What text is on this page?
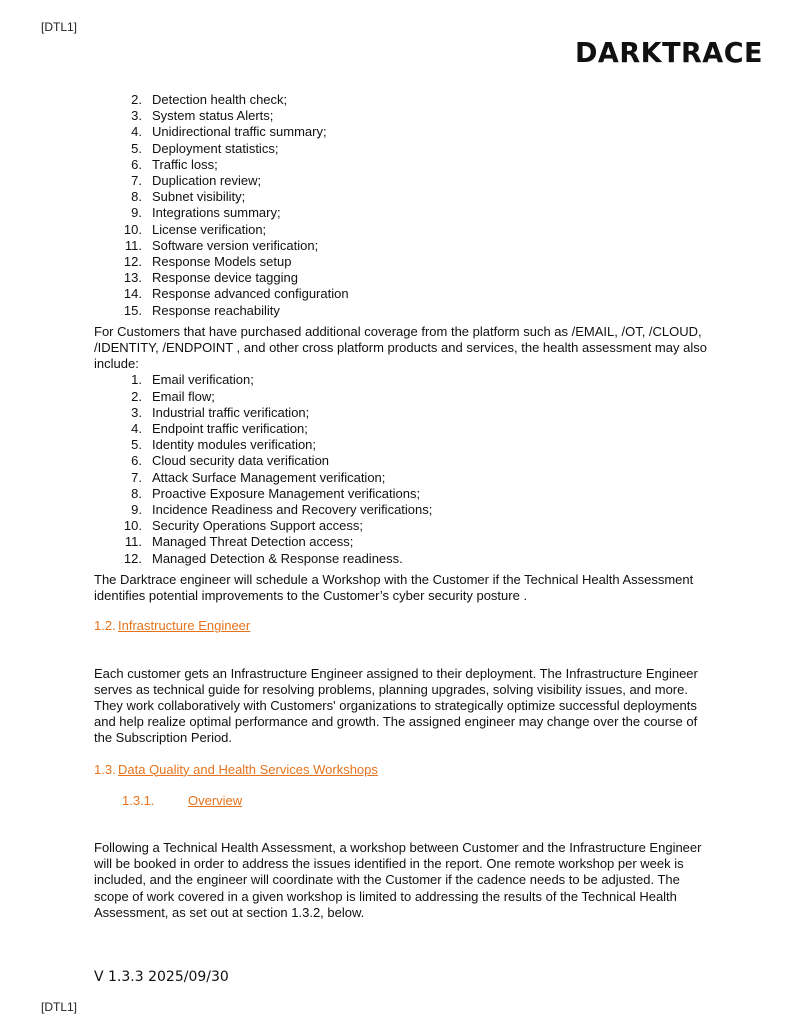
[DTL1]
DARKTRACE
2. Detection health check;
3. System status Alerts;
4. Unidirectional traffic summary;
5. Deployment statistics;
6. Traffic loss;
7. Duplication review;
8. Subnet visibility;
9. Integrations summary;
10. License verification;
11. Software version verification;
12. Response Models setup
13. Response device tagging
14. Response advanced configuration
15. Response reachability

For Customers that have purchased additional coverage from the platform such as /EMAIL, /OT, /CLOUD, /IDENTITY, /ENDPOINT , and other cross platform products and services, the health assessment may also include:

1. Email verification;
2. Email flow;
3. Industrial traffic verification;
4. Endpoint traffic verification;
5. Identity modules verification;
6. Cloud security data verification
7. Attack Surface Management verification;
8. Proactive Exposure Management verifications;
9. Incidence Readiness and Recovery verifications;
10. Security Operations Support access;
11. Managed Threat Detection access;
12. Managed Detection & Response readiness.

The Darktrace engineer will schedule a Workshop with the Customer if the Technical Health Assessment identifies potential improvements to the Customer’s cyber security posture .

1.2. Infrastructure Engineer

Each customer gets an Infrastructure Engineer assigned to their deployment. The Infrastructure Engineer serves as technical guide for resolving problems, planning upgrades, solving visibility issues, and more. They work collaboratively with Customers' organizations to strategically optimize successful deployments and help realize optimal performance and growth. The assigned engineer may change over the course of the Subscription Period.

1.3. Data Quality and Health Services Workshops

1.3.1.	Overview

Following a Technical Health Assessment, a workshop between Customer and the Infrastructure Engineer will be booked in order to address the issues identified in the report. One remote workshop per week is included, and the engineer will coordinate with the Customer if the cadence needs to be adjusted. The scope of work covered in a given workshop is limited to addressing the results of the Technical Health Assessment, as set out at section 1.3.2, below.

V 1.3.3 2025/09/30
[DTL1]
